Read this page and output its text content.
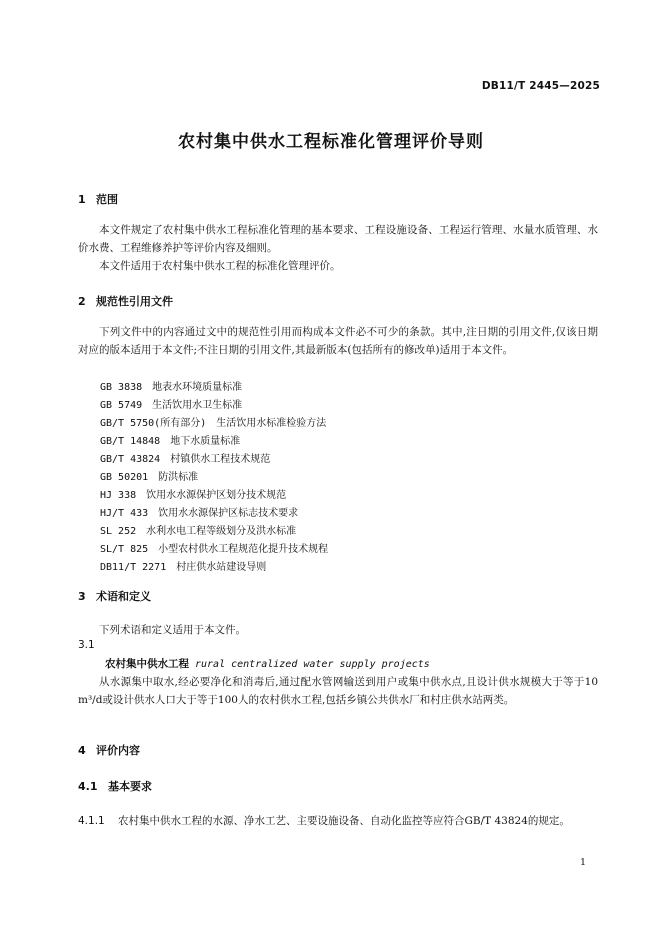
DB11/T 2445—2025
农村集中供水工程标准化管理评价导则
1 范围
本文件规定了农村集中供水工程标准化管理的基本要求、工程设施设备、工程运行管理、水量水质管理、水价水费、工程维修养护等评价内容及细则。
本文件适用于农村集中供水工程的标准化管理评价。
2 规范性引用文件
下列文件中的内容通过文中的规范性引用而构成本文件必不可少的条款。其中,注日期的引用文件,仅该日期对应的版本适用于本文件;不注日期的引用文件,其最新版本(包括所有的修改单)适用于本文件。
GB 3838　地表水环境质量标准
GB 5749　生活饮用水卫生标准
GB/T 5750(所有部分)　生活饮用水标准检验方法
GB/T 14848　地下水质量标准
GB/T 43824　村镇供水工程技术规范
GB 50201　防洪标准
HJ 338　饮用水水源保护区划分技术规范
HJ/T 433　饮用水水源保护区标志技术要求
SL 252　水利水电工程等级划分及洪水标准
SL/T 825　小型农村供水工程规范化提升技术规程
DB11/T 2271　村庄供水站建设导则
3 术语和定义
下列术语和定义适用于本文件。
3.1
农村集中供水工程 rural centralized water supply projects
从水源集中取水,经必要净化和消毒后,通过配水管网输送到用户或集中供水点,且设计供水规模大于等于10 m³/d或设计供水人口大于等于100人的农村供水工程,包括乡镇公共供水厂和村庄供水站两类。
4 评价内容
4.1 基本要求
4.1.1 农村集中供水工程的水源、净水工艺、主要设施设备、自动化监控等应符合GB/T 43824的规定。
1
